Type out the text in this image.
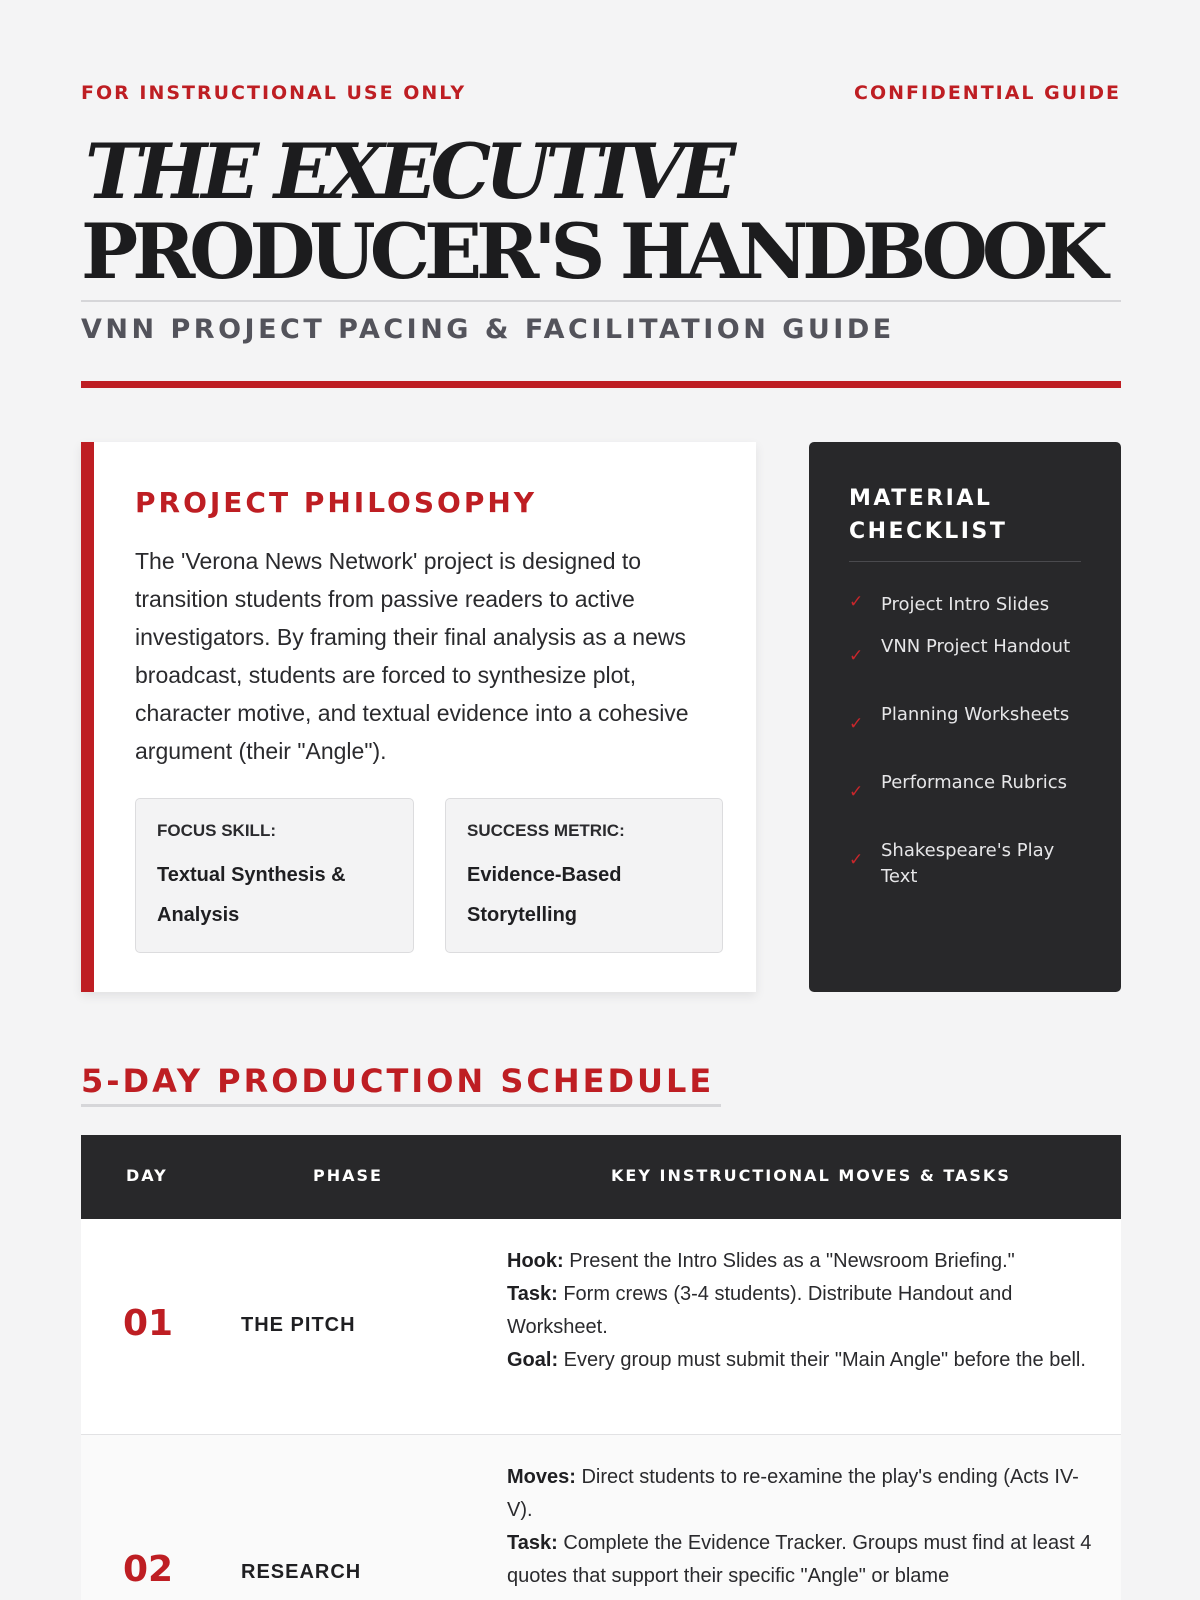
FOR INSTRUCTIONAL USE ONLY	CONFIDENTIAL GUIDE
THE EXECUTIVE
PRODUCER'S HANDBOOK
VNN PROJECT PACING & FACILITATION GUIDE
PROJECT PHILOSOPHY
The 'Verona News Network' project is designed to transition students from passive readers to active investigators. By framing their final analysis as a news broadcast, students are forced to synthesize plot, character motive, and textual evidence into a cohesive argument (their "Angle").
FOCUS SKILL:
Textual Synthesis & Analysis
SUCCESS METRIC:
Evidence-Based Storytelling
MATERIAL CHECKLIST
✓ Project Intro Slides
✓ VNN Project Handout
✓ Planning Worksheets
✓ Performance Rubrics
✓ Shakespeare's Play Text
5-DAY PRODUCTION SCHEDULE
DAY	PHASE	KEY INSTRUCTIONAL MOVES & TASKS
01	THE PITCH
Hook: Present the Intro Slides as a "Newsroom Briefing."
Task: Form crews (3-4 students). Distribute Handout and Worksheet.
Goal: Every group must submit their "Main Angle" before the bell.
02	RESEARCH
Moves: Direct students to re-examine the play's ending (Acts IV-V).
Task: Complete the Evidence Tracker. Groups must find at least 4 quotes that support their specific "Angle" or blame
